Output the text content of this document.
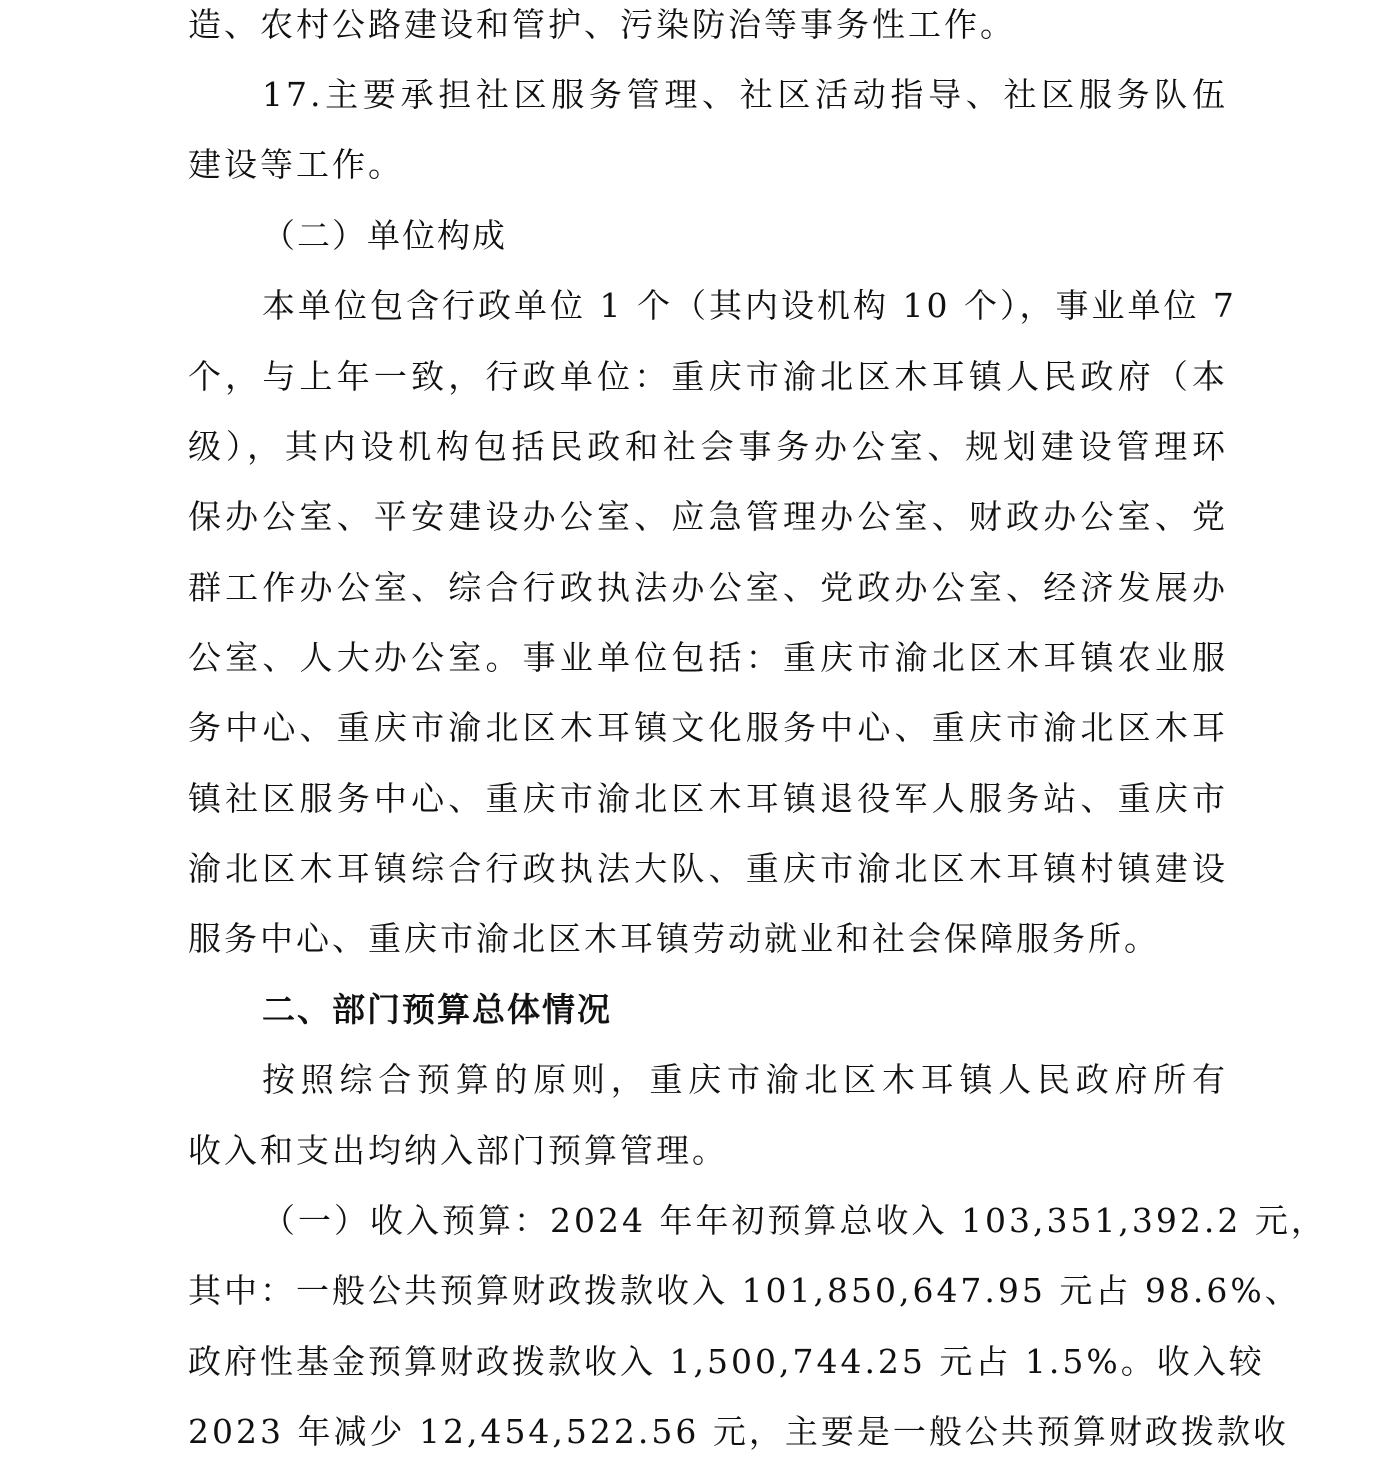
造、农村公路建设和管护、污染防治等事务性工作。
17.主要承担社区服务管理、社区活动指导、社区服务队伍
建设等工作。
（二）单位构成
本单位包含行政单位 1 个（其内设机构 10 个），事业单位 7
个，与上年一致，行政单位：重庆市渝北区木耳镇人民政府（本
级），其内设机构包括民政和社会事务办公室、规划建设管理环
保办公室、平安建设办公室、应急管理办公室、财政办公室、党
群工作办公室、综合行政执法办公室、党政办公室、经济发展办
公室、人大办公室。事业单位包括：重庆市渝北区木耳镇农业服
务中心、重庆市渝北区木耳镇文化服务中心、重庆市渝北区木耳
镇社区服务中心、重庆市渝北区木耳镇退役军人服务站、重庆市
渝北区木耳镇综合行政执法大队、重庆市渝北区木耳镇村镇建设
服务中心、重庆市渝北区木耳镇劳动就业和社会保障服务所。
二、部门预算总体情况
按照综合预算的原则，重庆市渝北区木耳镇人民政府所有
收入和支出均纳入部门预算管理。
（一）收入预算：2024 年年初预算总收入 103,351,392.2 元，
其中：一般公共预算财政拨款收入 101,850,647.95 元占 98.6%、
政府性基金预算财政拨款收入 1,500,744.25 元占 1.5%。收入较
2023 年减少 12,454,522.56 元，主要是一般公共预算财政拨款收
